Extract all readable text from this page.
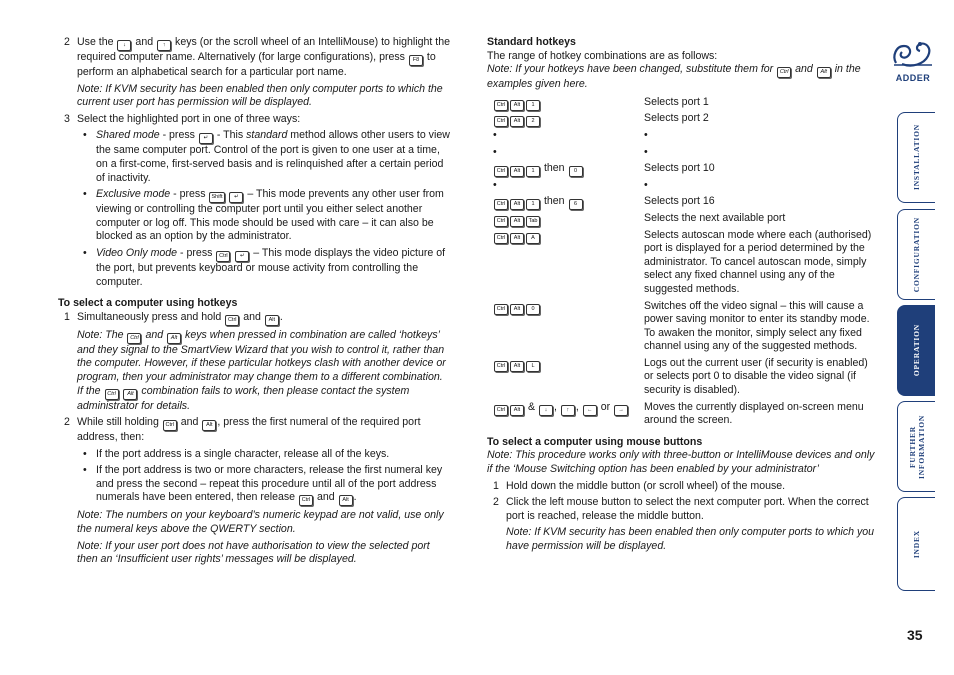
2 Use the ↓ and ↑ keys (or the scroll wheel of an IntelliMouse) to highlight the required computer name. Alternatively (for large configurations), press F8 to perform an alphabetical search for a particular port name.

Note: If KVM security has been enabled then only computer ports to which the current user port has permission will be displayed.

3 Select the highlighted port in one of three ways:

• Shared mode - press ↵ - This standard method allows other users to view the same computer port. Control of the port is given to one user at a time, on a first-come, first-served basis and is relinquished after a certain period of inactivity.

• Exclusive mode - press Shift ↵ – This mode prevents any other user from viewing or controlling the computer port until you either select another computer or log off. This mode should be used with care – it can also be blocked as an option by the administrator.

• Video Only mode - press Ctrl ↵ – This mode displays the video picture of the port, but prevents keyboard or mouse activity from controlling the computer.

To select a computer using hotkeys

1 Simultaneously press and hold Ctrl and Alt .

Note: The Ctrl and Alt keys when pressed in combination are called ‘hotkeys’ and they signal to the SmartView Wizard that you wish to control it, rather than the computer. However, if these particular hotkeys clash with another device or program, then your administrator may change them to a different combination. If the Ctrl Alt combination fails to work, then please contact the system administrator for details.

2 While still holding Ctrl and Alt , press the first numeral of the required port address, then:

• If the port address is a single character, release all of the keys.

• If the port address is two or more characters, release the first numeral key and press the second – repeat this procedure until all of the port address numerals have been entered, then release Ctrl and Alt .

Note: The numbers on your keyboard’s numeric keypad are not valid, use only the numeral keys above the QWERTY section.

Note: If your user port does not have authorisation to view the selected port then an ‘Insufficient user rights’ messages will be displayed.

Standard hotkeys

The range of hotkey combinations are as follows:

Note: If your hotkeys have been changed, substitute them for Ctrl and Alt in the examples given here.

Ctrl Alt 1	Selects port 1
Ctrl Alt 2	Selects port 2
•	•
•	•
Ctrl Alt 1 then 0	Selects port 10
•	•
Ctrl Alt 1 then 6	Selects port 16
Ctrl Alt Tab	Selects the next available port
Ctrl Alt A	Selects autoscan mode where each (authorised) port is displayed for a period determined by the administrator. To cancel autoscan mode, simply select any fixed channel using any of the suggested methods.
Ctrl Alt 0	Switches off the video signal – this will cause a power saving monitor to enter its standby mode. To awaken the monitor, simply select any fixed channel using any of the suggested methods.
Ctrl Alt L	Logs out the current user (if security is enabled) or selects port 0 to disable the video signal (if security is disabled).
Ctrl Alt & ↓ , ↑ , ← or →	Moves the currently displayed on-screen menu around the screen.

To select a computer using mouse buttons

Note: This procedure works only with three-button or IntelliMouse devices and only if the ‘Mouse Switching option has been enabled by your administrator’

1 Hold down the middle button (or scroll wheel) of the mouse.

2 Click the left mouse button to select the next computer port. When the correct port is reached, release the middle button.

Note: If KVM security has been enabled then only computer ports to which you have permission will be displayed.

ADDER
INSTALLATION
CONFIGURATION
OPERATION
FURTHER INFORMATION
INDEX
35
